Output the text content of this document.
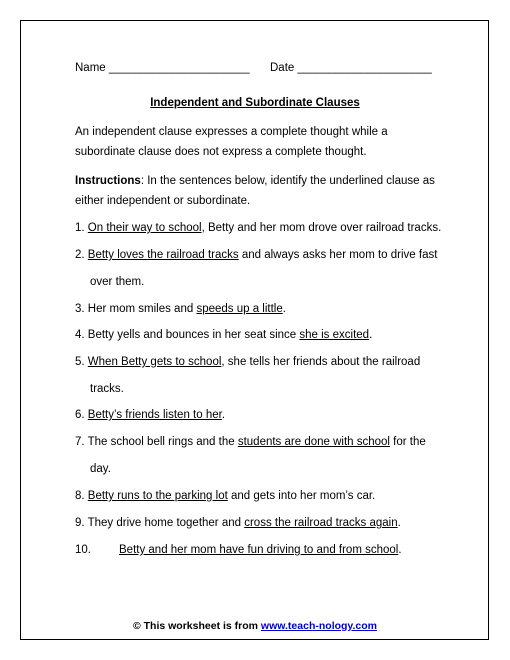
Name ______________________ Date _____________________
Independent and Subordinate Clauses
An independent clause expresses a complete thought while a
subordinate clause does not express a complete thought.
Instructions: In the sentences below, identify the underlined clause as
either independent or subordinate.
1. On their way to school, Betty and her mom drove over railroad tracks.
2. Betty loves the railroad tracks and always asks her mom to drive fast
over them.
3. Her mom smiles and speeds up a little.
4. Betty yells and bounces in her seat since she is excited.
5. When Betty gets to school, she tells her friends about the railroad
tracks.
6. Betty’s friends listen to her.
7. The school bell rings and the students are done with school for the
day.
8. Betty runs to the parking lot and gets into her mom’s car.
9. They drive home together and cross the railroad tracks again.
10. Betty and her mom have fun driving to and from school.
© This worksheet is from www.teach-nology.com
